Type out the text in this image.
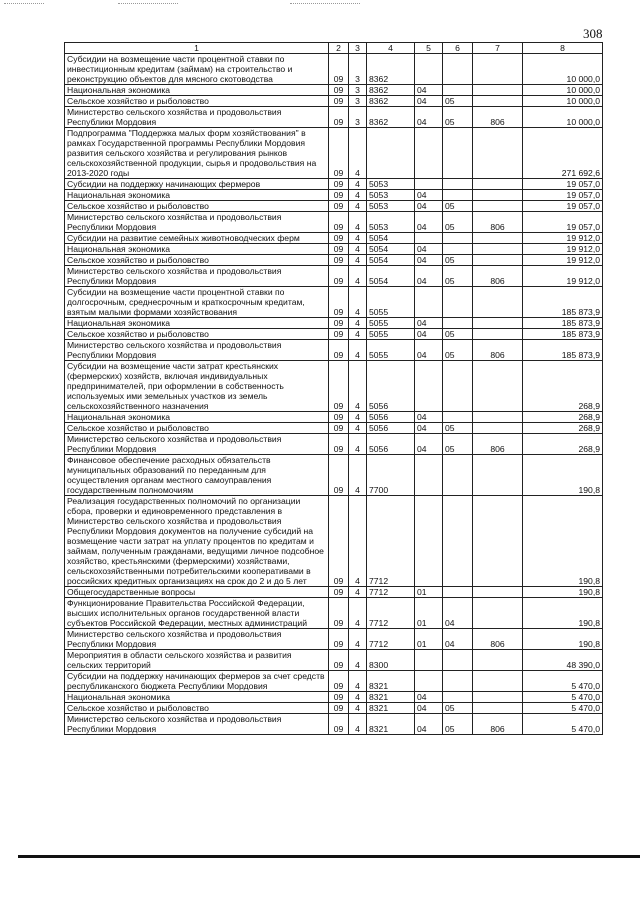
308
1	2	3	4	5	6	7	8
Субсидии на возмещение части процентной ставки по инвестиционным кредитам (займам) на строительство и реконструкцию объектов для мясного скотоводства	09	3	8362				10 000,0
Национальная экономика	09	3	8362	04			10 000,0
Сельское хозяйство и рыболовство	09	3	8362	04	05		10 000,0
Министерство сельского хозяйства и продовольствия Республики Мордовия	09	3	8362	04	05	806	10 000,0
Подпрограмма "Поддержка малых форм хозяйствования" в рамках Государственной программы Республики Мордовия развития сельского хозяйства и регулирования рынков сельскохозяйственной продукции, сырья и продовольствия на 2013-2020 годы	09	4					271 692,6
Субсидии на поддержку начинающих фермеров	09	4	5053				19 057,0
Национальная экономика	09	4	5053	04			19 057,0
Сельское хозяйство и рыболовство	09	4	5053	04	05		19 057,0
Министерство сельского хозяйства и продовольствия Республики Мордовия	09	4	5053	04	05	806	19 057,0
Субсидии на развитие семейных животноводческих ферм	09	4	5054				19 912,0
Национальная экономика	09	4	5054	04			19 912,0
Сельское хозяйство и рыболовство	09	4	5054	04	05		19 912,0
Министерство сельского хозяйства и продовольствия Республики Мордовия	09	4	5054	04	05	806	19 912,0
Субсидии на возмещение части процентной ставки по долгосрочным, среднесрочным и краткосрочным кредитам, взятым малыми формами хозяйствования	09	4	5055				185 873,9
Национальная экономика	09	4	5055	04			185 873,9
Сельское хозяйство и рыболовство	09	4	5055	04	05		185 873,9
Министерство сельского хозяйства и продовольствия Республики Мордовия	09	4	5055	04	05	806	185 873,9
Субсидии на возмещение части затрат крестьянских (фермерских) хозяйств, включая индивидуальных предпринимателей, при оформлении в собственность используемых ими земельных участков из земель сельскохозяйственного назначения	09	4	5056				268,9
Национальная экономика	09	4	5056	04			268,9
Сельское хозяйство и рыболовство	09	4	5056	04	05		268,9
Министерство сельского хозяйства и продовольствия Республики Мордовия	09	4	5056	04	05	806	268,9
Финансовое обеспечение расходных обязательств муниципальных образований по переданным для осуществления органам местного самоуправления государственным полномочиям	09	4	7700				190,8
Реализация государственных полномочий по организации сбора, проверки и единовременного представления в Министерство сельского хозяйства и продовольствия Республики Мордовия документов на получение субсидий на возмещение части затрат на уплату процентов по кредитам и займам, полученным гражданами, ведущими личное подсобное хозяйство, крестьянскими (фермерскими) хозяйствами, сельскохозяйственными потребительскими кооперативами в российских кредитных организациях на срок до 2 и до 5 лет	09	4	7712				190,8
Общегосударственные вопросы	09	4	7712	01			190,8
Функционирование Правительства Российской Федерации, высших исполнительных органов государственной власти субъектов Российской Федерации, местных администраций	09	4	7712	01	04		190,8
Министерство сельского хозяйства и продовольствия Республики Мордовия	09	4	7712	01	04	806	190,8
Мероприятия в области сельского хозяйства и развития сельских территорий	09	4	8300				48 390,0
Субсидии на поддержку начинающих фермеров за счет средств республиканского бюджета Республики Мордовия	09	4	8321				5 470,0
Национальная экономика	09	4	8321	04			5 470,0
Сельское хозяйство и рыболовство	09	4	8321	04	05		5 470,0
Министерство сельского хозяйства и продовольствия Республики Мордовия	09	4	8321	04	05	806	5 470,0
